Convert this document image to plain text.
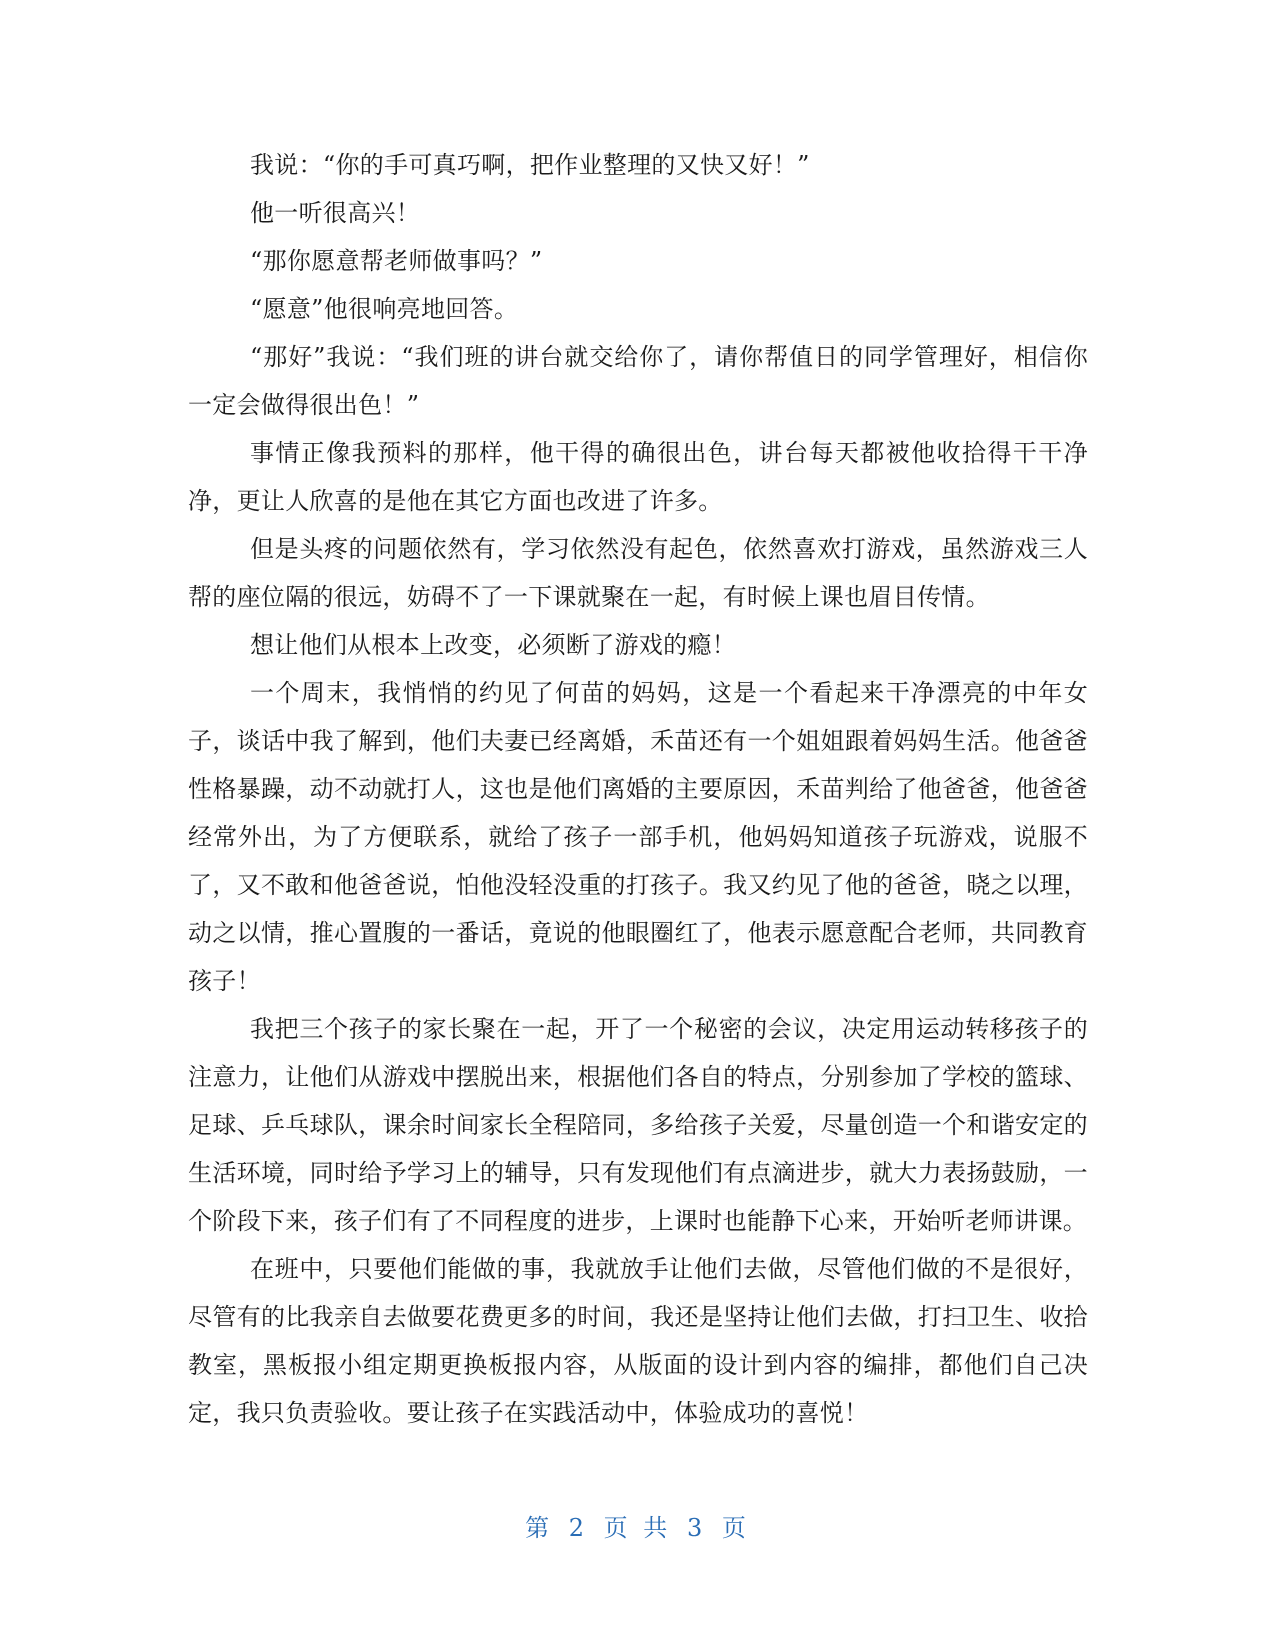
我说：“你的手可真巧啊，把作业整理的又快又好！”

他一听很高兴！

“那你愿意帮老师做事吗？”

“愿意”他很响亮地回答。

“那好”我说：“我们班的讲台就交给你了，请你帮值日的同学管理好，相信你一定会做得很出色！”

事情正像我预料的那样，他干得的确很出色，讲台每天都被他收拾得干干净净，更让人欣喜的是他在其它方面也改进了许多。

但是头疼的问题依然有，学习依然没有起色，依然喜欢打游戏，虽然游戏三人帮的座位隔的很远，妨碍不了一下课就聚在一起，有时候上课也眉目传情。

想让他们从根本上改变，必须断了游戏的瘾！

一个周末，我悄悄的约见了何苗的妈妈，这是一个看起来干净漂亮的中年女子，谈话中我了解到，他们夫妻已经离婚，禾苗还有一个姐姐跟着妈妈生活。他爸爸性格暴躁，动不动就打人，这也是他们离婚的主要原因，禾苗判给了他爸爸，他爸爸经常外出，为了方便联系，就给了孩子一部手机，他妈妈知道孩子玩游戏，说服不了，又不敢和他爸爸说，怕他没轻没重的打孩子。我又约见了他的爸爸，晓之以理，动之以情，推心置腹的一番话，竟说的他眼圈红了，他表示愿意配合老师，共同教育孩子！

我把三个孩子的家长聚在一起，开了一个秘密的会议，决定用运动转移孩子的注意力，让他们从游戏中摆脱出来，根据他们各自的特点，分别参加了学校的篮球、足球、乒乓球队，课余时间家长全程陪同，多给孩子关爱，尽量创造一个和谐安定的生活环境，同时给予学习上的辅导，只有发现他们有点滴进步，就大力表扬鼓励，一个阶段下来，孩子们有了不同程度的进步，上课时也能静下心来，开始听老师讲课。

在班中，只要他们能做的事，我就放手让他们去做，尽管他们做的不是很好，尽管有的比我亲自去做要花费更多的时间，我还是坚持让他们去做，打扫卫生、收拾教室，黑板报小组定期更换板报内容，从版面的设计到内容的编排，都他们自己决定，我只负责验收。要让孩子在实践活动中，体验成功的喜悦！

第 2 页 共 3 页
